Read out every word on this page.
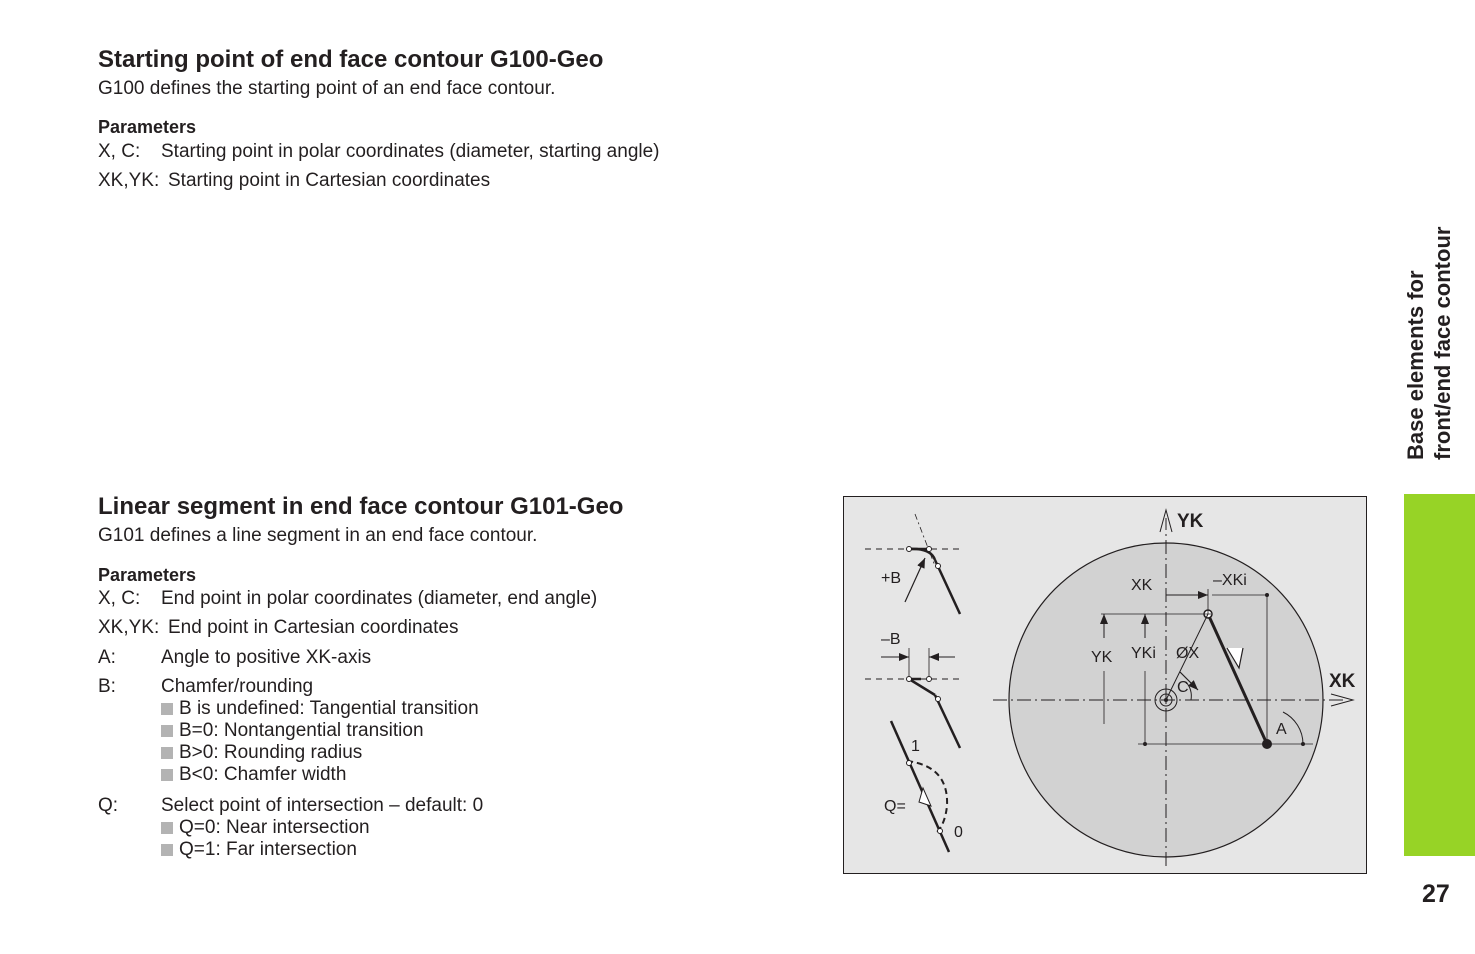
Starting point of end face contour G100-Geo
G100 defines the starting point of an end face contour.
Parameters
X, C: Starting point in polar coordinates (diameter, starting angle)
XK,YK: Starting point in Cartesian coordinates
Linear segment in end face contour G101-Geo
G101 defines a line segment in an end face contour.
Parameters
X, C: End point in polar coordinates (diameter, end angle)
XK,YK: End point in Cartesian coordinates
A: Angle to positive XK-axis
B: Chamfer/rounding
B is undefined: Tangential transition
B=0: Nontangential transition
B>0: Rounding radius
B<0: Chamfer width
Q: Select point of intersection – default: 0
Q=0: Near intersection
Q=1: Far intersection
YK
XK
XK	–XKi
YK YKi ØX
C
A
+B
–B
1
0
Q=
Base elements for front/end face contour
27
